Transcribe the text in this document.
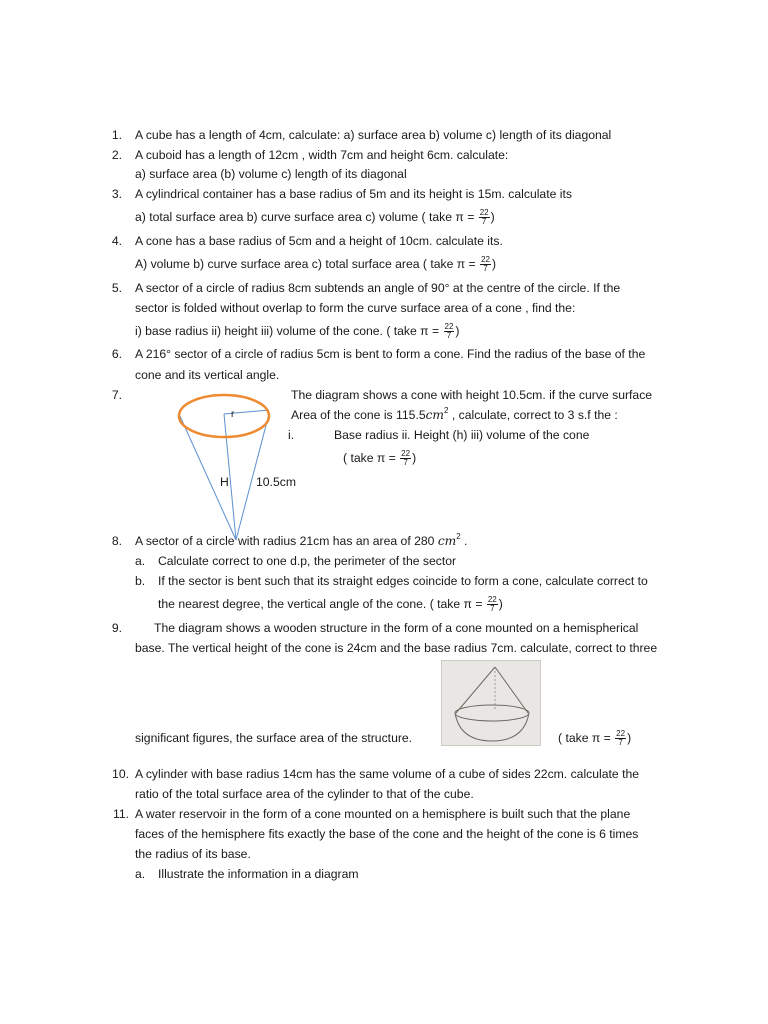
1. A cube has a length of 4cm, calculate: a) surface area b) volume c) length of its diagonal
2. A cuboid has a length of 12cm , width 7cm and height 6cm. calculate:
a) surface area (b) volume c) length of its diagonal
3. A cylindrical container has a base radius of 5m and its height is 15m. calculate its
a) total surface area b) curve surface area c) volume ( take $\pi = \frac{22}{7}$ )
4. A cone has a base radius of 5cm and a height of 10cm. calculate its.
A) volume b) curve surface area c) total surface area ( take $\pi = \frac{22}{7}$ )
5. A sector of a circle of radius 8cm subtends an angle of 90° at the centre of the circle. If the
sector is folded without overlap to form the curve surface area of a cone , find the:
i) base radius ii) height iii) volume of the cone. ( take $\pi = \frac{22}{7}$ )
6. A 216° sector of a circle of radius 5cm is bent to form a cone. Find the radius of the base of the
cone and its vertical angle.
7.	The diagram shows a cone with height 10.5cm. if the curve surface
Area of the cone is $115.5cm^2$ , calculate, correct to 3 s.f the :
i.	Base radius ii. Height (h) iii) volume of the cone
( take $\pi = \frac{22}{7}$ )
r
H 10.5cm
8. A sector of a circle with radius 21cm has an area of 280 $cm^2$ .
a. Calculate correct to one d.p, the perimeter of the sector
b. If the sector is bent such that its straight edges coincide to form a cone, calculate correct to
the nearest degree, the vertical angle of the cone. ( take $\pi = \frac{22}{7}$ )
9.	The diagram shows a wooden structure in the form of a cone mounted on a hemispherical
base. The vertical height of the cone is 24cm and the base radius 7cm. calculate, correct to three
significant figures, the surface area of the structure.	( take $\pi = \frac{22}{7}$ )
10. A cylinder with base radius 14cm has the same volume of a cube of sides 22cm. calculate the
ratio of the total surface area of the cylinder to that of the cube.
11. A water reservoir in the form of a cone mounted on a hemisphere is built such that the plane
faces of the hemisphere fits exactly the base of the cone and the height of the cone is 6 times
the radius of its base.
a. Illustrate the information in a diagram
